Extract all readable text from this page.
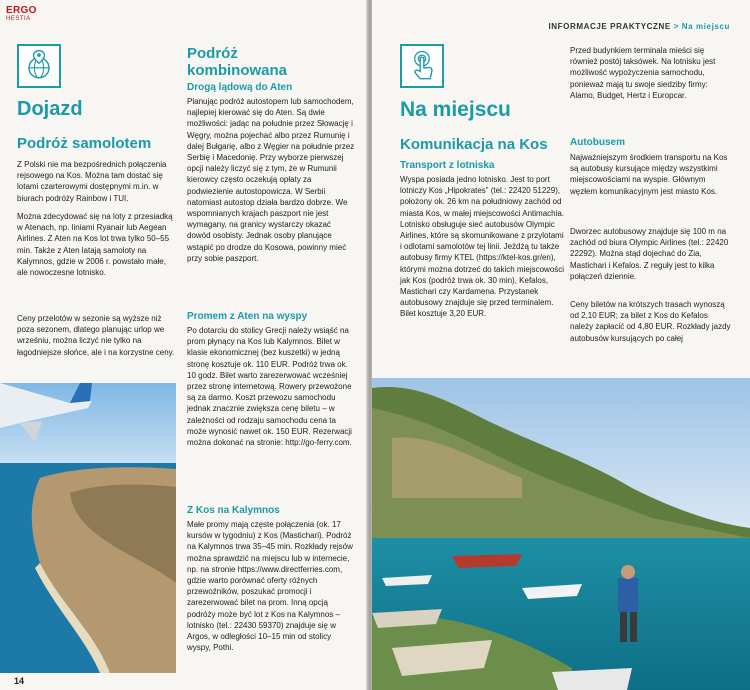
ERGO
HESTIA
Dojazd
Podróż samolotem

Z Polski nie ma bezpośrednich połączenia rejsowego na Kos. Można tam dostać się lotami czarterowymi dostępnymi m.in. w biurach podróży Rainbow i TUI.

Można zdecydować się na loty z przesiadką w Atenach, np. liniami Ryanair lub Aegean Airlines. Z Aten na Kos lot trwa tylko 50–55 min. Także z Aten latają samoloty na Kalymnos, gdzie w 2006 r. powstało małe, ale nowoczesne lotnisko.

Ceny przelotów w sezonie są wyższe niż poza sezonem, dlatego planując urlop we wrześniu, można liczyć nie tylko na łagodniejsze słońce, ale i na korzystne ceny.

Podróż
kombinowana
Drogą lądową do Aten

Planując podróż autostopem lub samochodem, najlepiej kierować się do Aten. Są dwie możliwości: jadąc na południe przez Słowację i Węgry, można pojechać albo przez Rumunię i dalej Bułgarię, albo z Węgier na południe przez Serbię i Macedonię. Przy wyborze pierwszej opcji należy liczyć się z tym, że w Rumunii kierowcy często oczekują opłaty za podwiezienie autostopowicza. W Serbii natomiast autostop działa bardzo dobrze. We wspomnianych krajach paszport nie jest wymagany, na granicy wystarczy okazać dowód osobisty. Jednak osoby planujące wstąpić po drodze do Kosowa, powinny mieć przy sobie paszport.

Promem z Aten na wyspy

Po dotarciu do stolicy Grecji należy wsiąść na prom płynący na Kos lub Kalymnos. Bilet w klasie ekonomicznej (bez kuszetki) w jedną stronę kosztuje ok. 110 EUR. Podróż trwa ok. 10 godz. Bilet warto zarezerwować wcześniej przez stronę internetową. Rowery przewożone są za darmo. Koszt przewozu samochodu jednak znacznie zwiększa cenę biletu – w zależności od rodzaju samochodu cena ta może wynosić nawet ok. 150 EUR. Rezerwacji można dokonać na stronie: http://go-ferry.com.

Z Kos na Kalymnos

Małe promy mają częste połączenia (ok. 17 kursów w tygodniu) z Kos (Mastichari). Podróż na Kalymnos trwa 35–45 min. Rozkłady rejsów można sprawdzić na miejscu lub w internecie, np. na stronie https://www.directferries.com, gdzie warto porównać oferty różnych przewoźników, poszukać promocji i zarezerwować bilet na prom. Inną opcją podróży może być lot z Kos na Kalymnos – lotnisko (tel.: 22430 59370) znajduje się w Argos, w odległości 10–15 min od stolicy wyspy, Pothi.

14
INFORMACJE PRAKTYCZNE > Na miejscu
Na miejscu
Komunikacja na Kos
Transport z lotniska

Wyspa posiada jedno lotnisko. Jest to port lotniczy Kos „Hipokrates” (tel.: 22420 51229), położony ok. 26 km na południowy zachód od miasta Kos, w małej miejscowości Antimachia. Lotnisko obsługuje sieć autobusów Olympic Airlines, które są skomunikowane z przylotami i odlotami samolotów tej linii. Jeżdżą tu także autobusy firmy KTEL (https://ktel-kos.gr/en), którymi można dotrzeć do takich miejscowości jak Kos (podróż trwa ok. 30 min), Kefalos, Mastichari czy Kardamena. Przystanek autobusowy znajduje się przed terminalem. Bilet kosztuje 3,20 EUR.

Przed budynkiem terminala mieści się również postój taksówek. Na lotnisku jest możliwość wypożyczenia samochodu, ponieważ mają tu swoje siedziby firmy: Alamo, Budget, Hertz i Europcar.

Autobusem

Najważniejszym środkiem transportu na Kos są autobusy kursujące między wszystkimi miejscowościami na wyspie. Głównym węzłem komunikacyjnym jest miasto Kos.

Dworzec autobusowy znajduje się 100 m na zachód od biura Olympic Airlines (tel.: 22420 22292). Można stąd dojechać do Zia, Mastichari i Kefalos. Z reguły jest to kilka połączeń dziennie.

Ceny biletów na krótszych trasach wynoszą od 2,10 EUR; za bilet z Kos do Kefalos należy zapłacić od 4,80 EUR. Rozkłady jazdy autobusów kursujących po całej
